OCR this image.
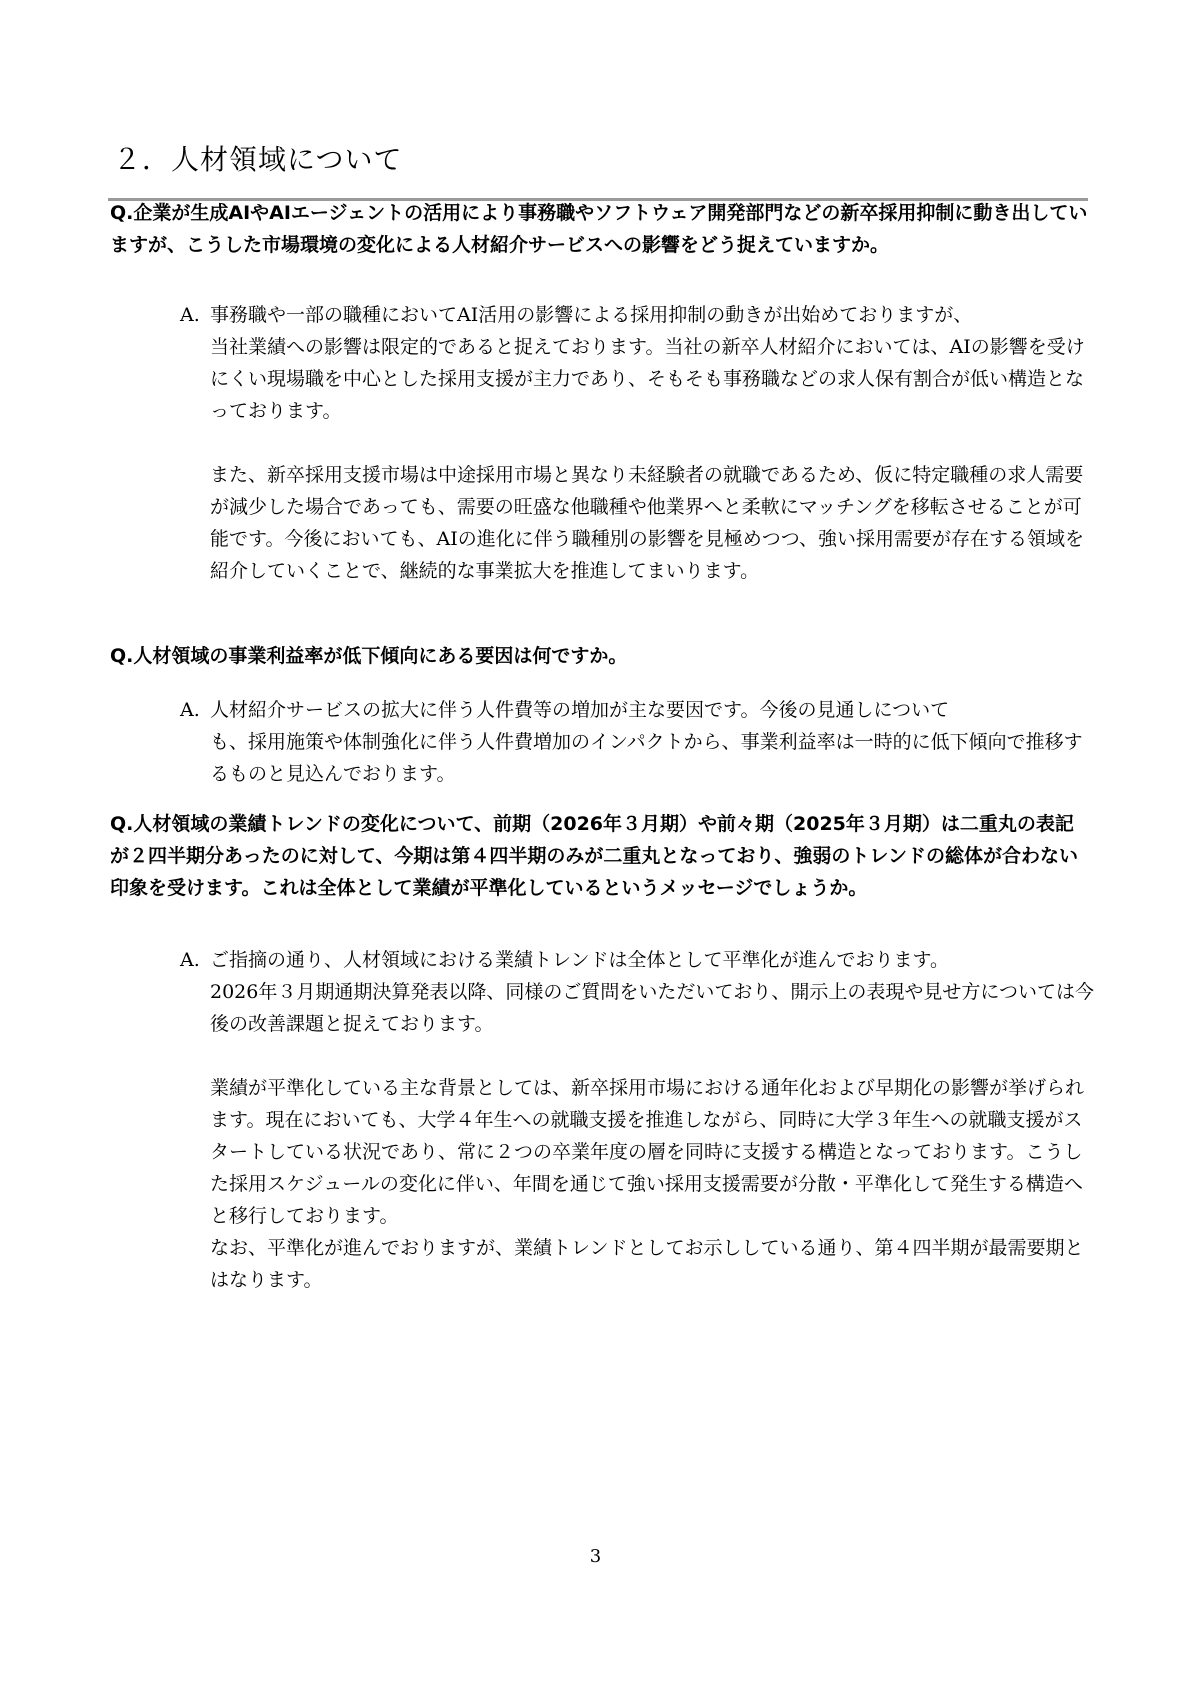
２．人材領域について

Q.企業が生成AIやAIエージェントの活用により事務職やソフトウェア開発部門などの新卒採用抑制に動き出していますが、こうした市場環境の変化による人材紹介サービスへの影響をどう捉えていますか。

A. 事務職や一部の職種においてAI活用の影響による採用抑制の動きが出始めておりますが、
当社業績への影響は限定的であると捉えております。当社の新卒人材紹介においては、AIの影響を受けにくい現場職を中心とした採用支援が主力であり、そもそも事務職などの求人保有割合が低い構造となっております。
また、新卒採用支援市場は中途採用市場と異なり未経験者の就職であるため、仮に特定職種の求人需要が減少した場合であっても、需要の旺盛な他職種や他業界へと柔軟にマッチングを移転させることが可能です。今後においても、AIの進化に伴う職種別の影響を見極めつつ、強い採用需要が存在する領域を紹介していくことで、継続的な事業拡大を推進してまいります。

Q.人材領域の事業利益率が低下傾向にある要因は何ですか。

A. 人材紹介サービスの拡大に伴う人件費等の増加が主な要因です。今後の見通しについて
も、採用施策や体制強化に伴う人件費増加のインパクトから、事業利益率は一時的に低下傾向で推移するものと見込んでおります。

Q.人材領域の業績トレンドの変化について、前期（2026年３月期）や前々期（2025年３月期）は二重丸の表記が２四半期分あったのに対して、今期は第４四半期のみが二重丸となっており、強弱のトレンドの総体が合わない印象を受けます。これは全体として業績が平準化しているというメッセージでしょうか。

A. ご指摘の通り、人材領域における業績トレンドは全体として平準化が進んでおります。
2026年３月期通期決算発表以降、同様のご質問をいただいており、開示上の表現や見せ方については今後の改善課題と捉えております。
業績が平準化している主な背景としては、新卒採用市場における通年化および早期化の影響が挙げられます。現在においても、大学４年生への就職支援を推進しながら、同時に大学３年生への就職支援がスタートしている状況であり、常に２つの卒業年度の層を同時に支援する構造となっております。こうした採用スケジュールの変化に伴い、年間を通じて強い採用支援需要が分散・平準化して発生する構造へと移行しております。
なお、平準化が進んでおりますが、業績トレンドとしてお示ししている通り、第４四半期が最需要期とはなります。
3
